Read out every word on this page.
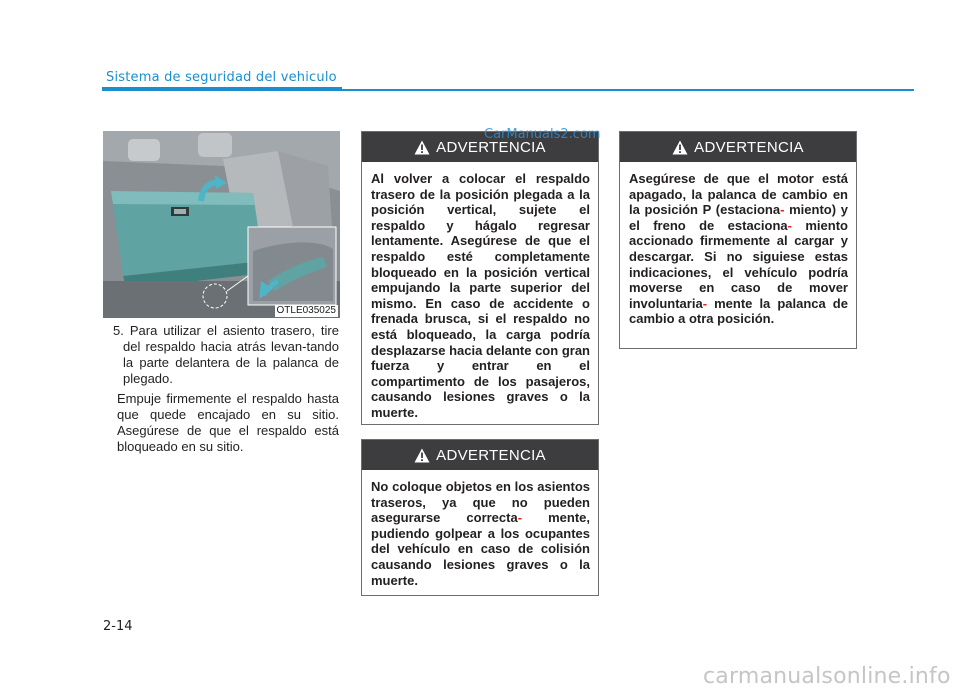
Sistema de seguridad del vehiculo
OTLE035025

5. Para utilizar el asiento trasero, tire del respaldo hacia atrás levan-tando la parte delantera de la palanca de plegado.

Empuje firmemente el respaldo hasta que quede encajado en su sitio. Asegúrese de que el respaldo está bloqueado en su sitio.

ADVERTENCIA
Al volver a colocar el respaldo trasero de la posición plegada a la posición vertical, sujete el respaldo y hágalo regresar lentamente. Asegúrese de que el respaldo esté completamente bloqueado en la posición vertical empujando la parte superior del mismo. En caso de accidente o frenada brusca, si el respaldo no está bloqueado, la carga podría desplazarse hacia delante con gran fuerza y entrar en el compartimento de los pasajeros, causando lesiones graves o la muerte.
ADVERTENCIA
No coloque objetos en los asientos traseros, ya que no pueden asegurarse correcta- mente, pudiendo golpear a los ocupantes del vehículo en caso de colisión causando lesiones graves o la muerte.
ADVERTENCIA
Asegúrese de que el motor está apagado, la palanca de cambio en la posición P (estaciona- miento) y el freno de estaciona- miento accionado firmemente al cargar y descargar. Si no siguiese estas indicaciones, el vehículo podría moverse en caso de mover involuntaria- mente la palanca de cambio a otra posición.
CarManuals2.com
2-14
carmanualsonline.info
